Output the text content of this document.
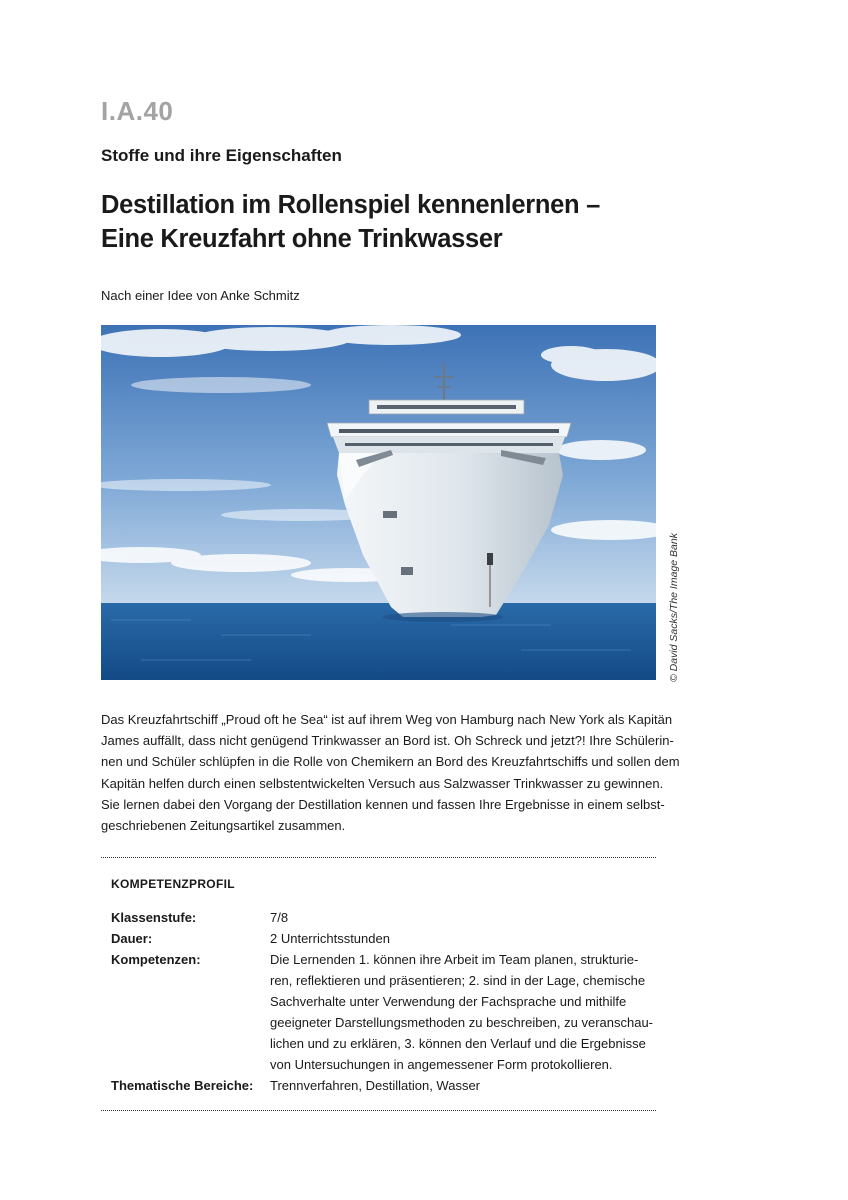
I.A.40
Stoffe und ihre Eigenschaften
Destillation im Rollenspiel kennenlernen –
Eine Kreuzfahrt ohne Trinkwasser
Nach einer Idee von Anke Schmitz
© David Sacks/The Image Bank
Das Kreuzfahrtschiff „Proud oft he Sea“ ist auf ihrem Weg von Hamburg nach New York als Kapitän
James auffällt, dass nicht genügend Trinkwasser an Bord ist. Oh Schreck und jetzt?! Ihre Schülerin-
nen und Schüler schlüpfen in die Rolle von Chemikern an Bord des Kreuzfahrtschiffs und sollen dem
Kapitän helfen durch einen selbstentwickelten Versuch aus Salzwasser Trinkwasser zu gewinnen.
Sie lernen dabei den Vorgang der Destillation kennen und fassen Ihre Ergebnisse in einem selbst-
geschriebenen Zeitungsartikel zusammen.
KOMPETENZPROFIL
Klassenstufe:	7/8
Dauer:	2 Unterrichtsstunden
Kompetenzen:	Die Lernenden 1. können ihre Arbeit im Team planen, strukturie-
ren, reflektieren und präsentieren; 2. sind in der Lage, chemische
Sachverhalte unter Verwendung der Fachsprache und mithilfe
geeigneter Darstellungsmethoden zu beschreiben, zu veranschau-
lichen und zu erklären, 3. können den Verlauf und die Ergebnisse
von Untersuchungen in angemessener Form protokollieren.
Thematische Bereiche: Trennverfahren, Destillation, Wasser
